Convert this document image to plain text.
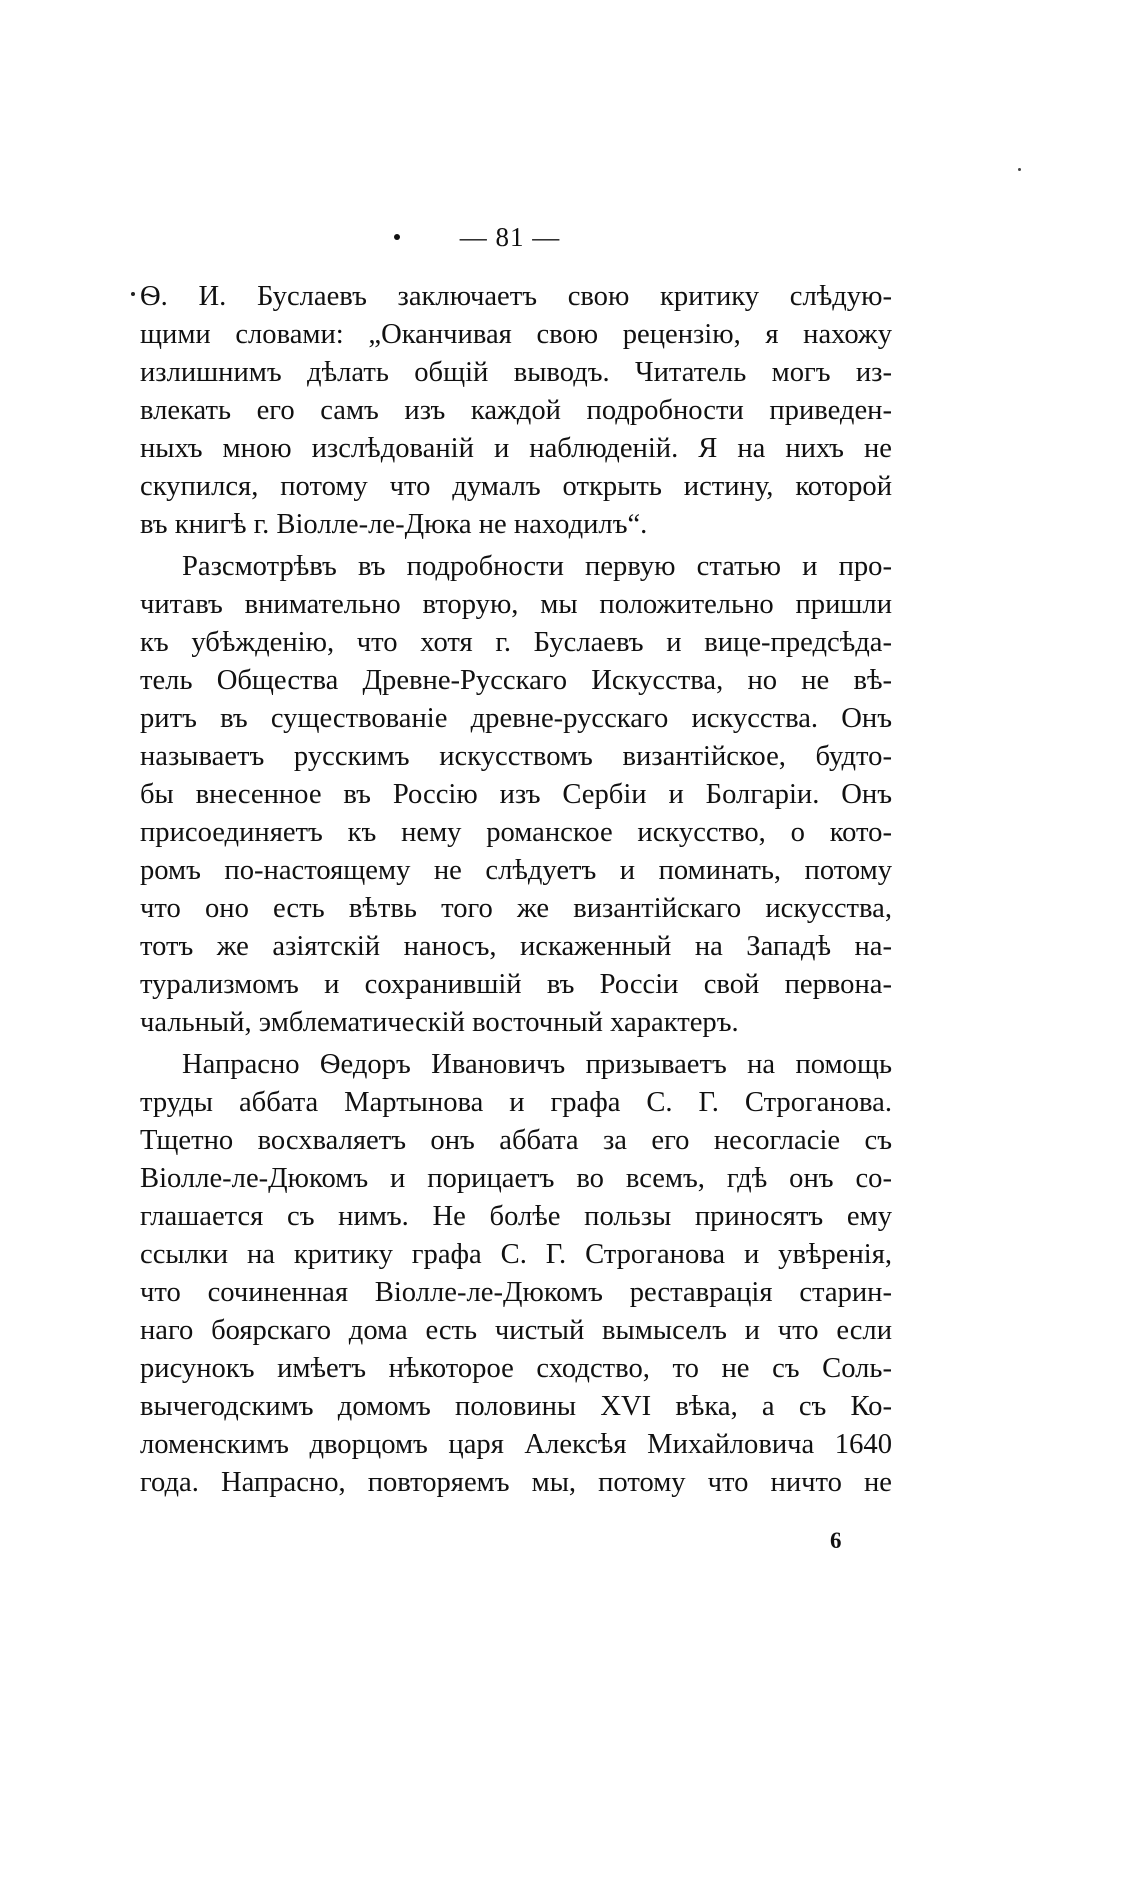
— 81 —
Ѳ. И. Буслаевъ заключаетъ свою критику слѣдую-
щими словами: „Оканчивая свою рецензію, я нахожу
излишнимъ дѣлать общій выводъ. Читатель могъ из-
влекать его самъ изъ каждой подробности приведен-
ныхъ мною изслѣдованій и наблюденій. Я на нихъ не
скупился, потому что думалъ открыть истину, которой
въ книгѣ г. Віолле-ле-Дюка не находилъ“.
Разсмотрѣвъ въ подробности первую статью и про-
читавъ внимательно вторую, мы положительно пришли
къ убѣжденію, что хотя г. Буслаевъ и вице-предсѣда-
тель Общества Древне-Русскаго Искусства, но не вѣ-
ритъ въ существованіе древне-русскаго искусства. Онъ
называетъ русскимъ искусствомъ византійское, будто-
бы внесенное въ Россію изъ Сербіи и Болгаріи. Онъ
присоединяетъ къ нему романское искусство, о кото-
ромъ по-настоящему не слѣдуетъ и поминать, потому
что оно есть вѣтвь того же византійскаго искусства,
тотъ же азіятскій наносъ, искаженный на Западѣ на-
турализмомъ и сохранившій въ Россіи свой первона-
чальный, эмблематическій восточный характеръ.
Напрасно Ѳедоръ Ивановичъ призываетъ на помощь
труды аббата Мартынова и графа С. Г. Строганова.
Тщетно восхваляетъ онъ аббата за его несогласіе съ
Віолле-ле-Дюкомъ и порицаетъ во всемъ, гдѣ онъ со-
глашается съ нимъ. Не болѣе пользы приносятъ ему
ссылки на критику графа С. Г. Строганова и увѣренія,
что сочиненная Віолле-ле-Дюкомъ реставрація старин-
наго боярскаго дома есть чистый вымыселъ и что если
рисунокъ имѣетъ нѣкоторое сходство, то не съ Соль-
вычегодскимъ домомъ половины XVI вѣка, а съ Ко-
ломенскимъ дворцомъ царя Алексѣя Михайловича 1640
года. Напрасно, повторяемъ мы, потому что ничто не
6
